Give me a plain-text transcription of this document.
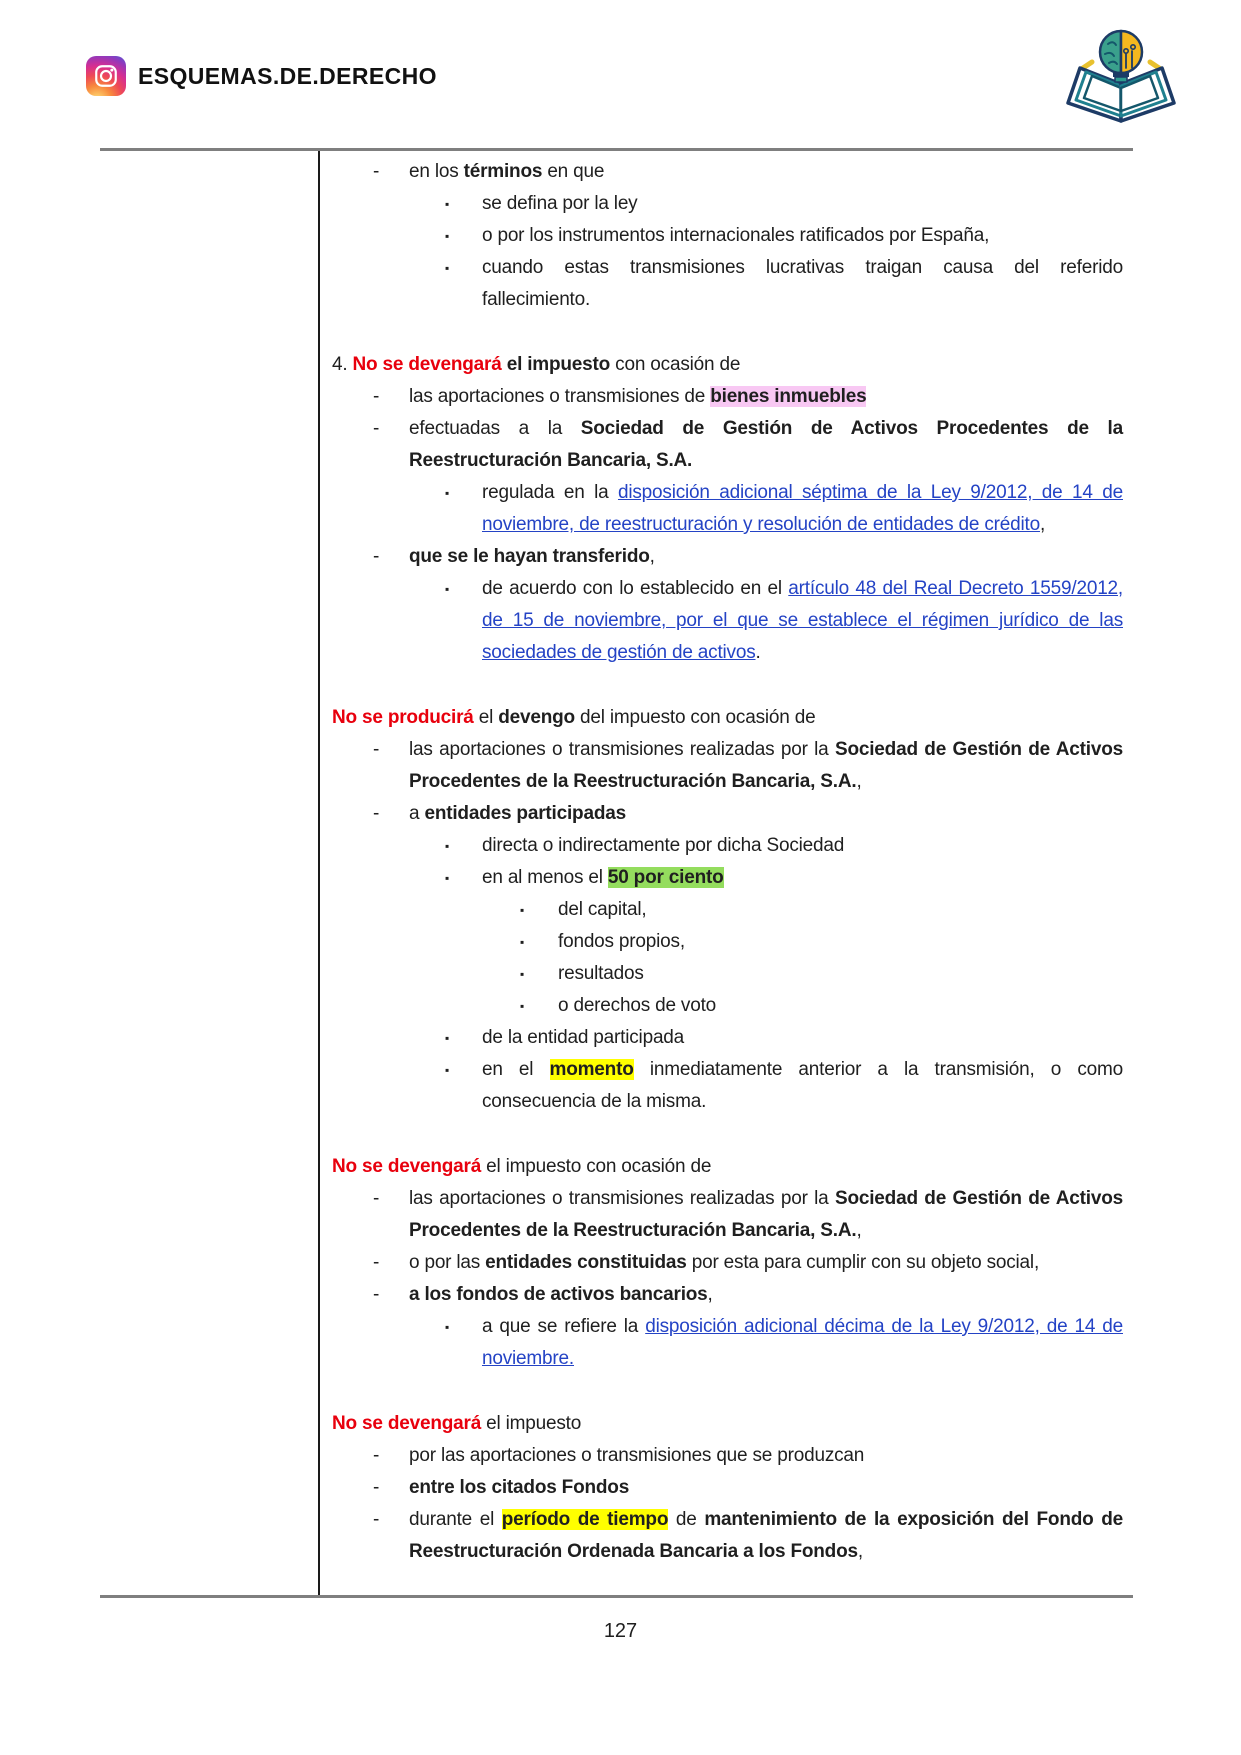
ESQUEMAS.DE.DERECHO
-	en los términos en que
▪	se defina por la ley
▪	o por los instrumentos internacionales ratificados por España,
▪	cuando estas transmisiones lucrativas traigan causa del referido fallecimiento.
4. No se devengará el impuesto con ocasión de
-	las aportaciones o transmisiones de bienes inmuebles
-	efectuadas a la Sociedad de Gestión de Activos Procedentes de la Reestructuración Bancaria, S.A.
▪	regulada en la disposición adicional séptima de la Ley 9/2012, de 14 de noviembre, de reestructuración y resolución de entidades de crédito,
-	que se le hayan transferido,
▪	de acuerdo con lo establecido en el artículo 48 del Real Decreto 1559/2012, de 15 de noviembre, por el que se establece el régimen jurídico de las sociedades de gestión de activos.
No se producirá el devengo del impuesto con ocasión de
-	las aportaciones o transmisiones realizadas por la Sociedad de Gestión de Activos Procedentes de la Reestructuración Bancaria, S.A.,
-	a entidades participadas
▪	directa o indirectamente por dicha Sociedad
▪	en al menos el 50 por ciento
▪	del capital,
▪	fondos propios,
▪	resultados
▪	o derechos de voto
▪	de la entidad participada
▪	en el momento inmediatamente anterior a la transmisión, o como consecuencia de la misma.
No se devengará el impuesto con ocasión de
-	las aportaciones o transmisiones realizadas por la Sociedad de Gestión de Activos Procedentes de la Reestructuración Bancaria, S.A.,
-	o por las entidades constituidas por esta para cumplir con su objeto social,
-	a los fondos de activos bancarios,
▪	a que se refiere la disposición adicional décima de la Ley 9/2012, de 14 de noviembre.
No se devengará el impuesto
-	por las aportaciones o transmisiones que se produzcan
-	entre los citados Fondos
-	durante el período de tiempo de mantenimiento de la exposición del Fondo de Reestructuración Ordenada Bancaria a los Fondos,
127
